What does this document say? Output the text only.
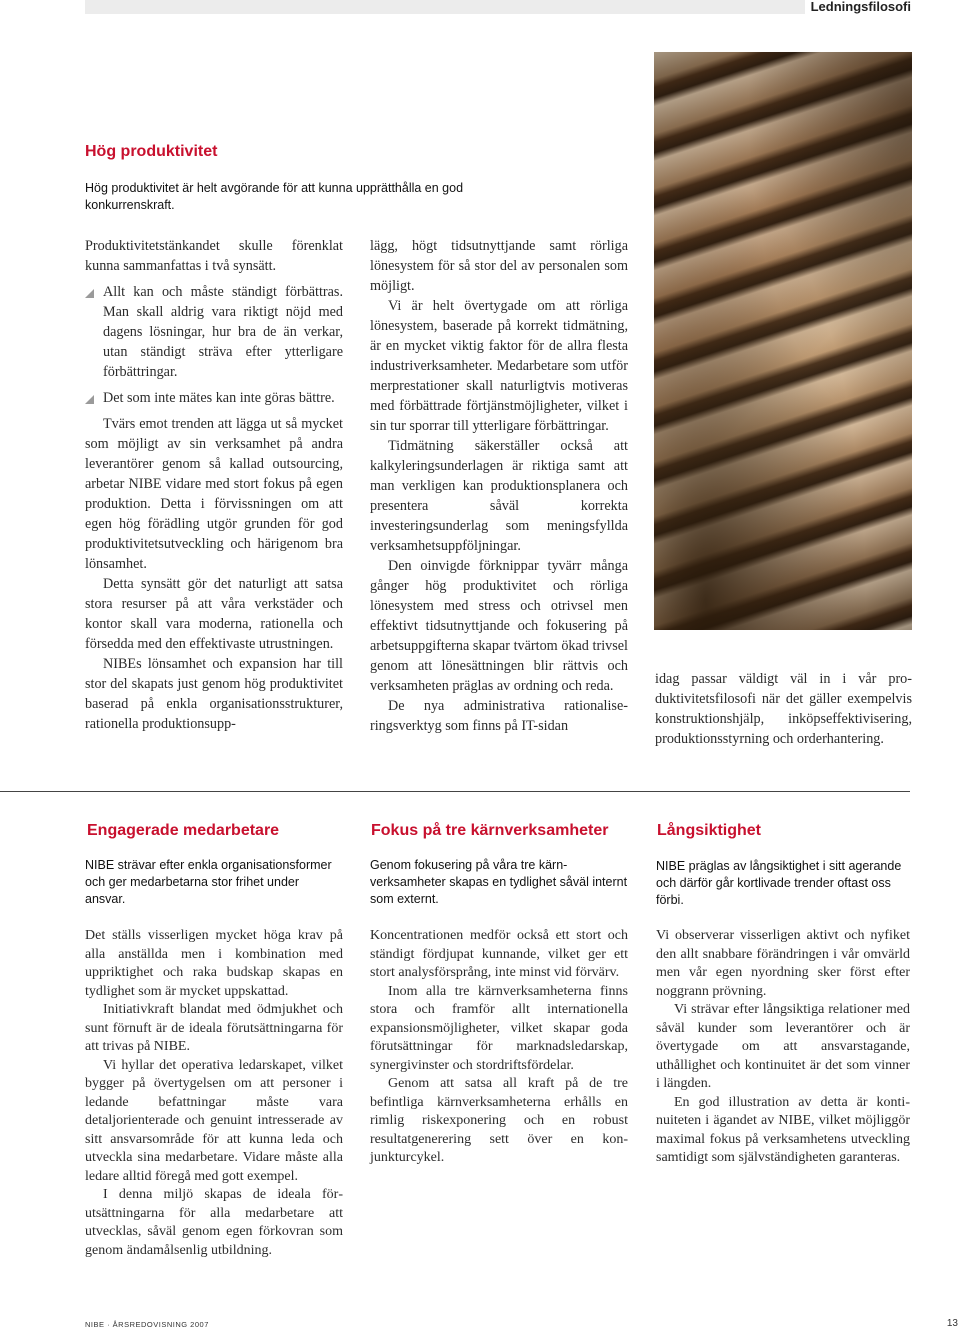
Ledningsfilosofi
Hög produktivitet

Hög produktivitet är helt avgörande för att kunna upprätthålla en god konkurrenskraft.

Produktivitetstänkandet skulle förenklat kunna sammanfattas i två synsätt.

Allt kan och måste ständigt förbättras. Man skall aldrig vara riktigt nöjd med dagens lösningar, hur bra de än verkar, utan ständigt sträva efter ytterligare förbättringar.

Det som inte mätes kan inte göras bättre.

Tvärs emot trenden att lägga ut så mycket som möjligt av sin verksamhet på andra leverantörer genom så kallad outsourcing, arbetar NIBE vidare med stort fokus på egen produktion. Detta i förvissningen om att egen hög förädling utgör grunden för god produktivitetsutveckling och härigenom bra lönsamhet.

Detta synsätt gör det naturligt att satsa stora resurser på att våra verkstäder och kontor skall vara moderna, rationella och försedda med den effektivaste utrustningen.

NIBEs lönsamhet och expansion har till stor del skapats just genom hög produktivitet baserad på enkla organisationsstrukturer, rationella produktionsupp-

lägg, högt tidsutnyttjande samt rörliga lönesystem för så stor del av personalen som möjligt.

Vi är helt övertygade om att rörliga lönesystem, baserade på korrekt tidmätning, är en mycket viktig faktor för de allra flesta industriverksamheter. Medarbetare som utför merprestationer skall naturligtvis motiveras med förbättrade förtjänstmöjligheter, vilket i sin tur sporrar till ytterligare förbättringar.

Tidmätning säkerställer också att kalkyleringsunderlagen är riktiga samt att man verkligen kan produktionsplanera och presentera såväl korrekta investeringsunderlag som meningsfyllda verksamhetsuppföljningar.

Den oinvigde förknippar tyvärr många gånger hög produktivitet och rörliga lönesystem med stress och otrivsel men effektivt tidsutnyttjande och fokusering på arbetsuppgifterna skapar tvärtom ökad trivsel genom att lönesättningen blir rättvis och verksamheten präglas av ordning och reda.

De nya administrativa rationaliseringsverktyg som finns på IT-sidan

idag passar väldigt väl in i vår produktivitetsfilosofi när det gäller exempelvis konstruktionshjälp, inköpseffektivisering, produktionsstyrning och orderhantering.

Engagerade medarbetare

NIBE strävar efter enkla organisationsformer och ger medarbetarna stor frihet under ansvar.

Det ställs visserligen mycket höga krav på alla anställda men i kombination med uppriktighet och raka budskap skapas en tydlighet som är mycket uppskattad.

Initiativkraft blandat med ödmjukhet och sunt förnuft är de ideala förutsättningarna för att trivas på NIBE.

Vi hyllar det operativa ledarskapet, vilket bygger på övertygelsen om att personer i ledande befattningar måste vara detaljorienterade och genuint intresserade av sitt ansvarsområde för att kunna leda och utveckla sina medarbetare. Vidare måste alla ledare alltid föregå med gott exempel.

I denna miljö skapas de ideala förutsättningarna för alla medarbetare att utvecklas, såväl genom egen förkovran som genom ändamålsenlig utbildning.

Fokus på tre kärnverksamheter

Genom fokusering på våra tre kärnverksamheter skapas en tydlighet såväl internt som externt.

Koncentrationen medför också ett stort och ständigt fördjupat kunnande, vilket ger ett stort analysförsprång, inte minst vid förvärv.

Inom alla tre kärnverksamheterna finns stora och framför allt internationella expansionsmöjligheter, vilket skapar goda förutsättningar för marknadsledarskap, synergivinster och stordriftsfördelar.

Genom att satsa all kraft på de tre befintliga kärnverksamheterna erhålls en rimlig riskexponering och en robust resultatgenerering sett över en konjunkturcykel.

Långsiktighet

NIBE präglas av långsiktighet i sitt agerande och därför går kortlivade trender oftast oss förbi.

Vi observerar visserligen aktivt och nyfiket den allt snabbare förändringen i vår omvärld men vår egen nyordning sker först efter noggrann prövning.

Vi strävar efter långsiktiga relationer med såväl kunder som leverantörer och är övertygade om att ansvarstagande, uthållighet och kontinuitet är det som vinner i längden.

En god illustration av detta är kontinuiteten i ägandet av NIBE, vilket möjliggör maximal fokus på verksamhetens utveckling samtidigt som självständigheten garanteras.

NIBE · ÅRSREDOVISNING 2007	13
